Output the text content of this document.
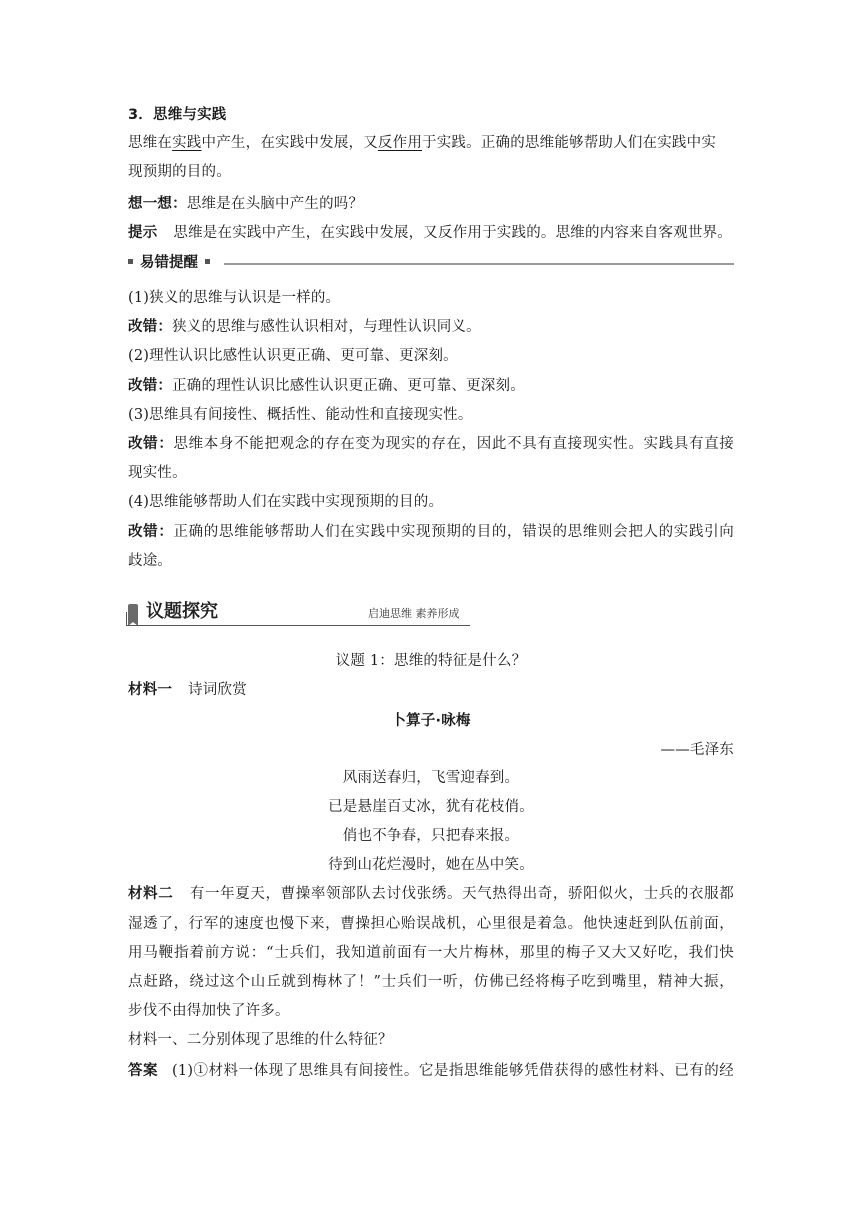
3．思维与实践
思维在实践中产生，在实践中发展，又反作用于实践。正确的思维能够帮助人们在实践中实
现预期的目的。
想一想：思维是在头脑中产生的吗？
提示 思维是在实践中产生，在实践中发展，又反作用于实践的。思维的内容来自客观世界。
易错提醒
(1)狭义的思维与认识是一样的。
改错：狭义的思维与感性认识相对，与理性认识同义。
(2)理性认识比感性认识更正确、更可靠、更深刻。
改错：正确的理性认识比感性认识更正确、更可靠、更深刻。
(3)思维具有间接性、概括性、能动性和直接现实性。
改错：思维本身不能把观念的存在变为现实的存在，因此不具有直接现实性。实践具有直接
现实性。
(4)思维能够帮助人们在实践中实现预期的目的。
改错：正确的思维能够帮助人们在实践中实现预期的目的，错误的思维则会把人的实践引向
歧途。
议题探究	启迪思维 素养形成
议题 1：思维的特征是什么？
材料一 诗词欣赏
卜算子·咏梅
——毛泽东
风雨送春归，飞雪迎春到。
已是悬崖百丈冰，犹有花枝俏。
俏也不争春，只把春来报。
待到山花烂漫时，她在丛中笑。
材料二 有一年夏天，曹操率领部队去讨伐张绣。天气热得出奇，骄阳似火，士兵的衣服都
湿透了，行军的速度也慢下来，曹操担心贻误战机，心里很是着急。他快速赶到队伍前面，
用马鞭指着前方说：“士兵们，我知道前面有一大片梅林，那里的梅子又大又好吃，我们快
点赶路，绕过这个山丘就到梅林了！”士兵们一听，仿佛已经将梅子吃到嘴里，精神大振，
步伐不由得加快了许多。
材料一、二分别体现了思维的什么特征？
答案 (1)①材料一体现了思维具有间接性。它是指思维能够凭借获得的感性材料、已有的经
